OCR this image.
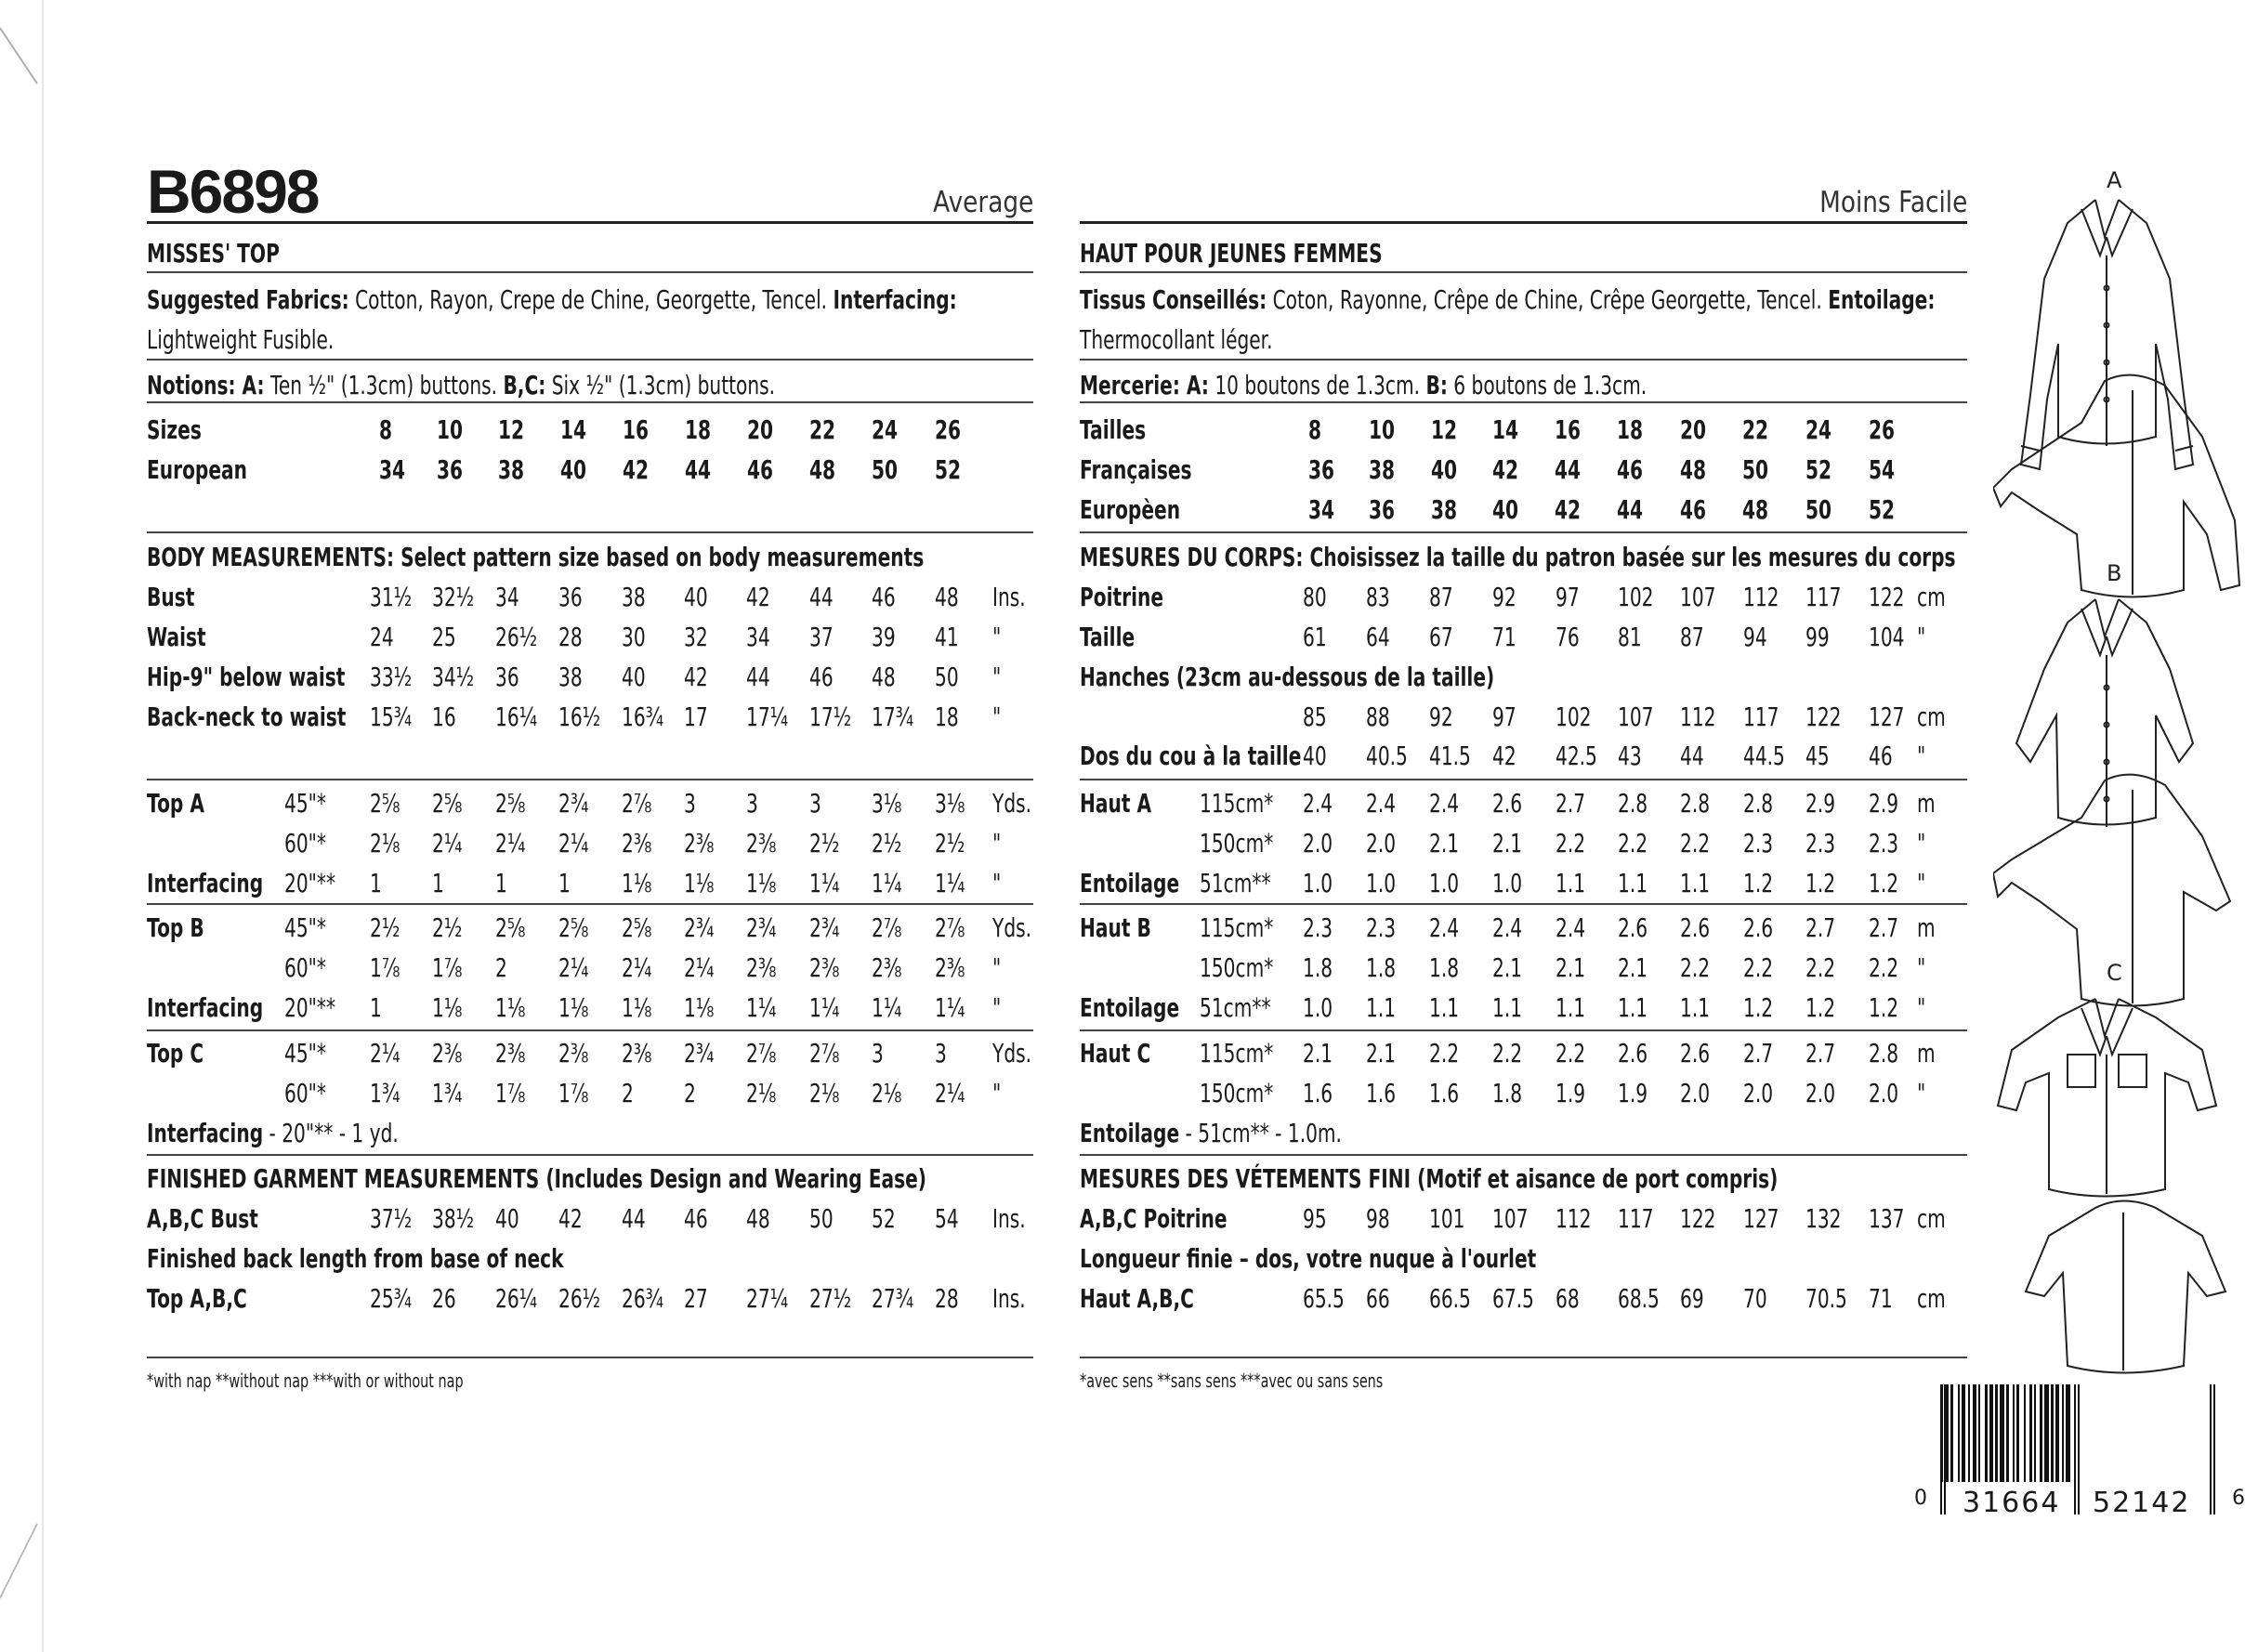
B6898	A
B
C
0 31664 52142 6
Average
MISSES' TOP
Suggested Fabrics: Cotton, Rayon, Crepe de Chine, Georgette, Tencel. Interfacing:
Lightweight Fusible.
Notions: A: Ten ½" (1.3cm) buttons. B,C: Six ½" (1.3cm) buttons.
Sizes	8 10 12 14 16 18 20 22 24 26
European	34 36 38 40 42 44 46 48 50 52
BODY MEASUREMENTS: Select pattern size based on body measurements
Bust	31½ 32½ 34 36 38 40 42 44 46 48 Ins.
Waist	24 25 26½ 28 30 32 34 37 39 41 "
Hip-9" below waist 33½ 34½ 36 38 40 42 44 46 48 50 "
Back-neck to waist 15¾ 16 16¼ 16½ 16¾ 17 17¼ 17½ 17¾ 18 "
Top A	45"* 2⅝ 2⅝ 2⅝ 2¾ 2⅞ 3 3 3 3⅛ 3⅛ Yds.
60"* 2⅛ 2¼ 2¼ 2¼ 2⅜ 2⅜ 2⅜ 2½ 2½ 2½ "
Interfacing 20"** 1 1 1 1 1⅛ 1⅛ 1⅛ 1¼ 1¼ 1¼ "
Top B	45"* 2½ 2½ 2⅝ 2⅝ 2⅝ 2¾ 2¾ 2¾ 2⅞ 2⅞ Yds.
60"* 1⅞ 1⅞ 2 2¼ 2¼ 2¼ 2⅜ 2⅜ 2⅜ 2⅜ "
Interfacing 20"** 1 1⅛ 1⅛ 1⅛ 1⅛ 1⅛ 1¼ 1¼ 1¼ 1¼ "
Top C	45"* 2¼ 2⅜ 2⅜ 2⅜ 2⅜ 2¾ 2⅞ 2⅞ 3 3 Yds.
60"* 1¾ 1¾ 1⅞ 1⅞ 2 2 2⅛ 2⅛ 2⅛ 2¼ "
Interfacing - 20"** - 1 yd.
FINISHED GARMENT MEASUREMENTS (Includes Design and Wearing Ease)
A,B,C Bust	37½ 38½ 40 42 44 46 48 50 52 54 Ins.
Finished back length from base of neck
Top A,B,C	25¾ 26 26¼ 26½ 26¾ 27 27¼ 27½ 27¾ 28 Ins.
*with nap **without nap ***with or without nap
Moins Facile
HAUT POUR JEUNES FEMMES
Tissus Conseillés: Coton, Rayonne, Crêpe de Chine, Crêpe Georgette, Tencel. Entoilage:
Thermocollant léger.
Mercerie: A: 10 boutons de 1.3cm. B: 6 boutons de 1.3cm.
Tailles	8 10 12 14 16 18 20 22 24 26
Françaises	36 38 40 42 44 46 48 50 52 54
Europèen	34 36 38 40 42 44 46 48 50 52
MESURES DU CORPS: Choisissez la taille du patron basée sur les mesures du corps
Poitrine	80 83 87 92 97 102 107 112 117 122 cm
Taille	61 64 67 71 76 81 87 94 99 104 "
Hanches (23cm au-dessous de la taille)
85 88 92 97 102 107 112 117 122 127 cm
Dos du cou à la taille 40 40.5 41.5 42 42.5 43 44 44.5 45 46 "
Haut A 115cm* 2.4 2.4 2.4 2.6 2.7 2.8 2.8 2.8 2.9 2.9 m
150cm* 2.0 2.0 2.1 2.1 2.2 2.2 2.2 2.3 2.3 2.3 "
Entoilage 51cm** 1.0 1.0 1.0 1.0 1.1 1.1 1.1 1.2 1.2 1.2 "
Haut B 115cm* 2.3 2.3 2.4 2.4 2.4 2.6 2.6 2.6 2.7 2.7 m
150cm* 1.8 1.8 1.8 2.1 2.1 2.1 2.2 2.2 2.2 2.2 "
Entoilage 51cm** 1.0 1.1 1.1 1.1 1.1 1.1 1.1 1.2 1.2 1.2 "
Haut C 115cm* 2.1 2.1 2.2 2.2 2.2 2.6 2.6 2.7 2.7 2.8 m
150cm* 1.6 1.6 1.6 1.8 1.9 1.9 2.0 2.0 2.0 2.0 "
Entoilage - 51cm** - 1.0m.
MESURES DES VÉTEMENTS FINI (Motif et aisance de port compris)
A,B,C Poitrine	95 98 101 107 112 117 122 127 132 137 cm
Longueur finie – dos, votre nuque à l'ourlet
Haut A,B,C	65.5 66 66.5 67.5 68 68.5 69 70 70.5 71 cm
*avec sens **sans sens ***avec ou sans sens
